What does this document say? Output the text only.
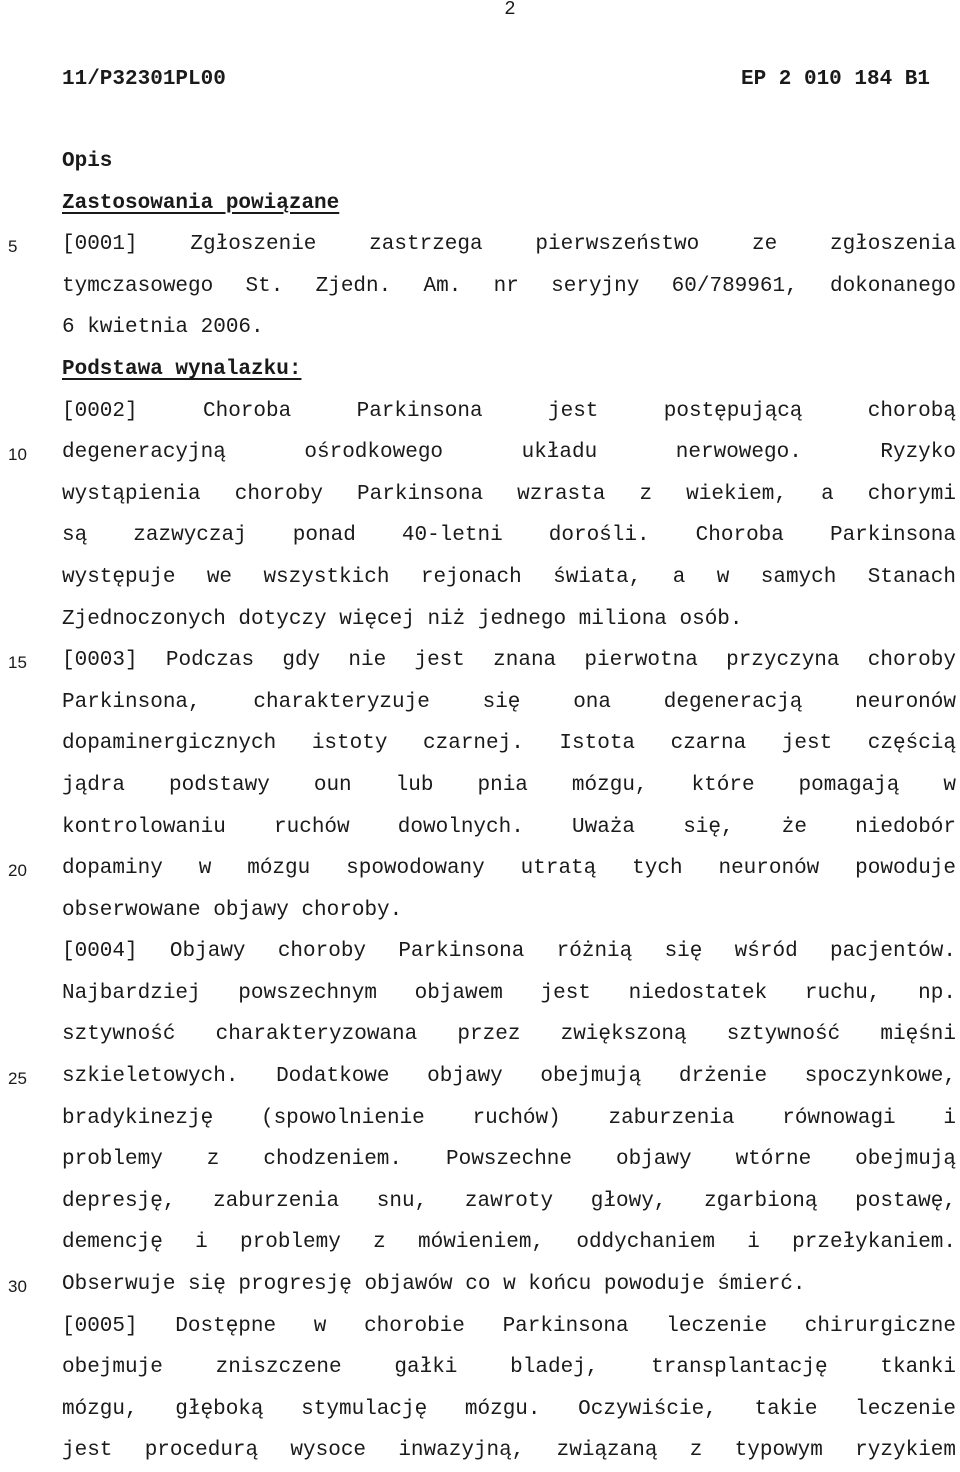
2
11/P32301PL00	EP 2 010 184 B1
5
10
15
20
25
30
Opis
Zastosowania powiązane
[0001] Zgłoszenie zastrzega pierwszeństwo ze zgłoszenia
tymczasowego St. Zjedn. Am. nr seryjny 60/789961, dokonanego
6 kwietnia 2006.
Podstawa wynalazku:
[0002] Choroba Parkinsona jest postępującą chorobą
degeneracyjną ośrodkowego układu nerwowego. Ryzyko
wystąpienia choroby Parkinsona wzrasta z wiekiem, a chorymi
są zazwyczaj ponad 40-letni dorośli. Choroba Parkinsona
występuje we wszystkich rejonach świata, a w samych Stanach
Zjednoczonych dotyczy więcej niż jednego miliona osób.
[0003] Podczas gdy nie jest znana pierwotna przyczyna choroby
Parkinsona, charakteryzuje się ona degeneracją neuronów
dopaminergicznych istoty czarnej. Istota czarna jest częścią
jądra podstawy oun lub pnia mózgu, które pomagają w
kontrolowaniu ruchów dowolnych. Uważa się, że niedobór
dopaminy w mózgu spowodowany utratą tych neuronów powoduje
obserwowane objawy choroby.
[0004] Objawy choroby Parkinsona różnią się wśród pacjentów.
Najbardziej powszechnym objawem jest niedostatek ruchu, np.
sztywność charakteryzowana przez zwiększoną sztywność mięśni
szkieletowych. Dodatkowe objawy obejmują drżenie spoczynkowe,
bradykinezję (spowolnienie ruchów) zaburzenia równowagi i
problemy z chodzeniem. Powszechne objawy wtórne obejmują
depresję, zaburzenia snu, zawroty głowy, zgarbioną postawę,
demencję i problemy z mówieniem, oddychaniem i przełykaniem.
Obserwuje się progresję objawów co w końcu powoduje śmierć.
[0005] Dostępne w chorobie Parkinsona leczenie chirurgiczne
obejmuje zniszczene gałki bladej, transplantację tkanki
mózgu, głęboką stymulację mózgu. Oczywiście, takie leczenie
jest procedurą wysoce inwazyjną, związaną z typowym ryzykiem
